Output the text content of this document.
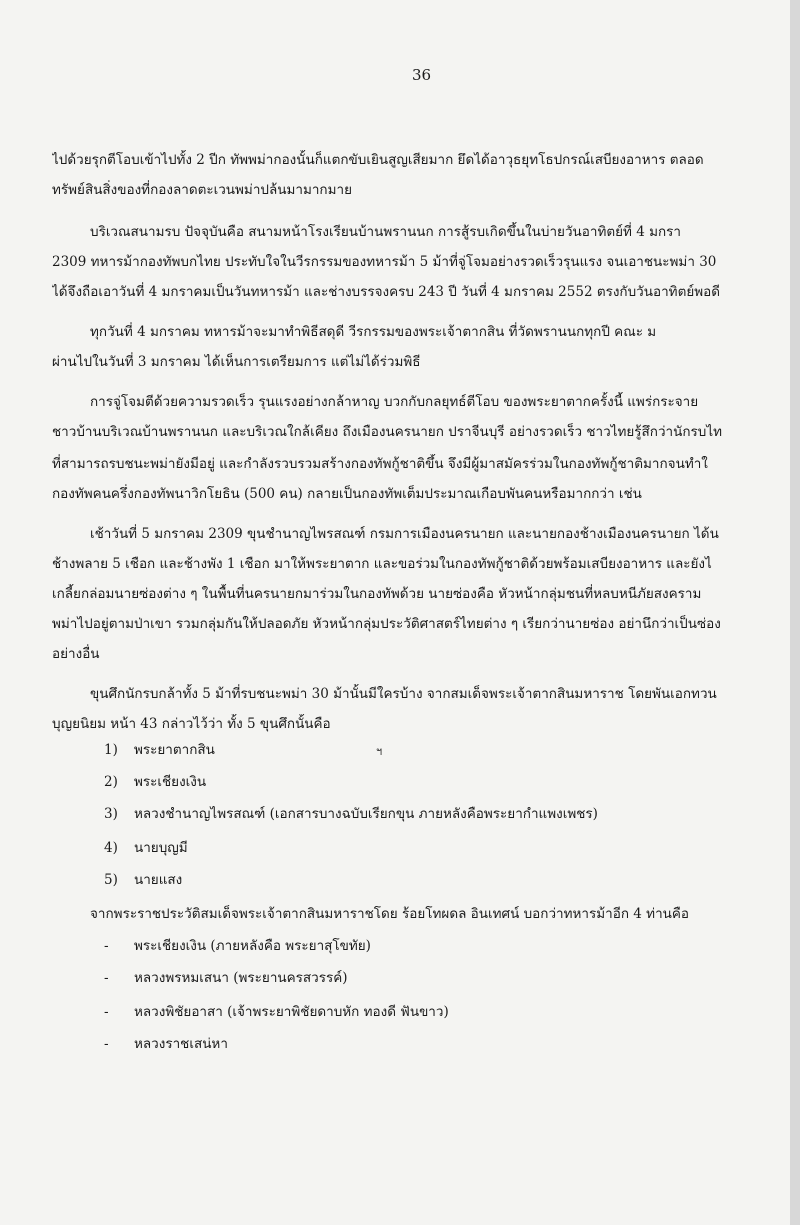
36
ไปด้วยรุกตีโอบเข้าไปทั้ง 2 ปีก ทัพพม่ากองนั้นก็แตกขับเยินสูญเสียมาก ยึดได้อาวุธยุทโธปกรณ์เสบียงอาหาร ตลอด
ทรัพย์สินสิ่งของที่กองลาดตะเวนพม่าปล้นมามากมาย
บริเวณสนามรบ ปัจจุบันคือ สนามหน้าโรงเรียนบ้านพรานนก การสู้รบเกิดขึ้นในบ่ายวันอาทิตย์ที่ 4 มกรา
2309 ทหารม้ากองทัพบกไทย ประทับใจในวีรกรรมของทหารม้า 5 ม้าที่จู่โจมอย่างรวดเร็วรุนแรง จนเอาชนะพม่า 30
ได้จึงถือเอาวันที่ 4 มกราคมเป็นวันทหารม้า และช่างบรรจงครบ 243 ปี วันที่ 4 มกราคม 2552 ตรงกับวันอาทิตย์พอดี
ทุกวันที่ 4 มกราคม ทหารม้าจะมาทำพิธีสดุดี วีรกรรมของพระเจ้าตากสิน ที่วัดพรานนกทุกปี คณะ ม
ผ่านไปในวันที่ 3 มกราคม ได้เห็นการเตรียมการ แต่ไม่ได้ร่วมพิธี
การจู่โจมตีด้วยความรวดเร็ว รุนแรงอย่างกล้าหาญ บวกกับกลยุทธ์ตีโอบ ของพระยาตากครั้งนี้ แพร่กระจาย
ชาวบ้านบริเวณบ้านพรานนก และบริเวณใกล้เคียง ถึงเมืองนครนายก ปราจีนบุรี อย่างรวดเร็ว ชาวไทยรู้สึกว่านักรบไท
ที่สามารถรบชนะพม่ายังมีอยู่ และกำลังรวบรวมสร้างกองทัพกู้ชาติขึ้น จึงมีผู้มาสมัครร่วมในกองทัพกู้ชาติมากจนทำใ
กองทัพคนครึ่งกองทัพนาวิกโยธิน (500 คน) กลายเป็นกองทัพเต็มประมาณเกือบพันคนหรือมากกว่า เช่น
เช้าวันที่ 5 มกราคม 2309 ขุนชำนาญไพรสณฑ์ กรมการเมืองนครนายก และนายกองช้างเมืองนครนายก ได้น
ช้างพลาย 5 เชือก และช้างพัง 1 เชือก มาให้พระยาตาก และขอร่วมในกองทัพกู้ชาติด้วยพร้อมเสบียงอาหาร และยังไ
เกลี้ยกล่อมนายซ่องต่าง ๆ ในพื้นที่นครนายกมาร่วมในกองทัพด้วย นายซ่องคือ หัวหน้ากลุ่มชนที่หลบหนีภัยสงคราม
พม่าไปอยู่ตามป่าเขา รวมกลุ่มกันให้ปลอดภัย หัวหน้ากลุ่มประวัติศาสตร์ไทยต่าง ๆ เรียกว่านายซ่อง อย่านึกว่าเป็นซ่อง
อย่างอื่น
ขุนศึกนักรบกล้าทั้ง 5 ม้าที่รบชนะพม่า 30 ม้านั้นมีใครบ้าง จากสมเด็จพระเจ้าตากสินมหาราช โดยพันเอกทวน
บุญยนิยม หน้า 43 กล่าวไว้ว่า ทั้ง 5 ขุนศึกนั้นคือ
1)	พระยาตากสิน	ฯ
2)	พระเชียงเงิน
3)	หลวงชำนาญไพรสณฑ์ (เอกสารบางฉบับเรียกขุน ภายหลังคือพระยากำแพงเพชร)
4)	นายบุญมี
5)	นายแสง
จากพระราชประวัติสมเด็จพระเจ้าตากสินมหาราชโดย ร้อยโทผดล อินเทศน์ บอกว่าทหารม้าอีก 4 ท่านคือ
-	พระเชียงเงิน (ภายหลังคือ พระยาสุโขทัย)
-	หลวงพรหมเสนา (พระยานครสวรรค์)
-	หลวงพิชัยอาสา (เจ้าพระยาพิชัยดาบหัก ทองดี ฟันขาว)
-	หลวงราชเสน่หา
